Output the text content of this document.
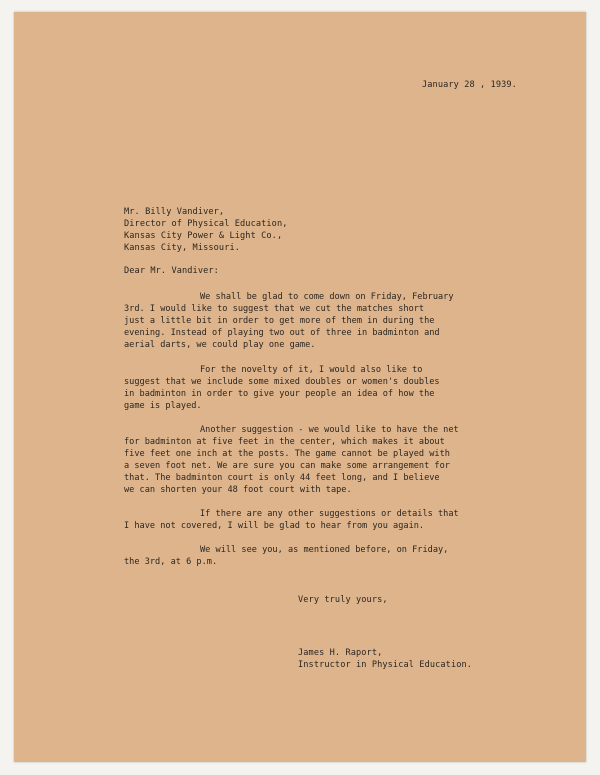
January 28 , 1939.
Mr. Billy Vandiver,
Director of Physical Education,
Kansas City Power & Light Co.,
Kansas City, Missouri.
Dear Mr. Vandiver:
We shall be glad to come down on Friday, February
3rd. I would like to suggest that we cut the matches short
just a little bit in order to get more of them in during the
evening. Instead of playing two out of three in badminton and
aerial darts, we could play one game.
For the novelty of it, I would also like to
suggest that we include some mixed doubles or women's doubles
in badminton in order to give your people an idea of how the
game is played.
Another suggestion - we would like to have the net
for badminton at five feet in the center, which makes it about
five feet one inch at the posts. The game cannot be played with
a seven foot net. We are sure you can make some arrangement for
that. The badminton court is only 44 feet long, and I believe
we can shorten your 48 foot court with tape.
If there are any other suggestions or details that
I have not covered, I will be glad to hear from you again.
We will see you, as mentioned before, on Friday,
the 3rd, at 6 p.m.
Very truly yours,
James H. Raport,
Instructor in Physical Education.
